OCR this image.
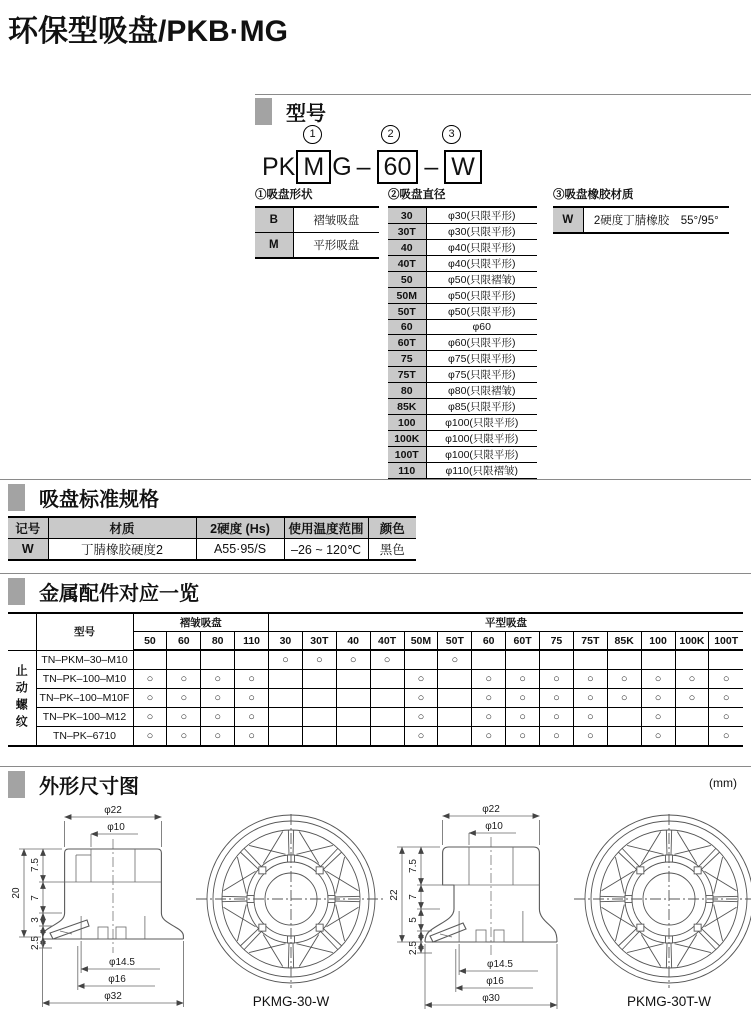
环保型吸盘/PKB·MG
型号
1	2	3
PK M G – 60 – W
①吸盘形状
B	褶皱吸盘
M	平形吸盘
②吸盘直径
30	φ30(只限平形)
30T	φ30(只限平形)
40	φ40(只限平形)
40T	φ40(只限平形)
50	φ50(只限褶皱)
50M	φ50(只限平形)
50T	φ50(只限平形)
60	φ60
60T	φ60(只限平形)
75	φ75(只限平形)
75T	φ75(只限平形)
80	φ80(只限褶皱)
85K	φ85(只限平形)
100	φ100(只限平形)
100K	φ100(只限平形)
100T	φ100(只限平形)
110	φ110(只限褶皱)
③吸盘橡胶材质
W	2硬度丁腈橡胶　55°/95°
吸盘标准规格
记号	材质	2硬度 (Hs)	使用温度范围	颜色
W	丁腈橡胶硬度2	A55·95/S	–26 ~ 120℃	黑色
金属配件对应一览
	型号	褶皱吸盘				平型吸盘													
		50	60	80	110	30	30T	40	40T	50M	50T	60	60T	75	75T	85K	100	100K	100T
止动螺纹	TN–PKM–30–M10					○	○	○	○		○								
	TN–PK–100–M10	○	○	○	○					○		○	○	○	○	○	○	○	○
	TN–PK–100–M10F	○	○	○	○					○		○	○	○	○	○	○	○	○
	TN–PK–100–M12	○	○	○	○					○		○	○	○	○		○		○
	TN–PK–6710	○	○	○	○					○		○	○	○	○		○		○
外形尺寸图	(mm)
φ22
φ10
20
7.5
7
3
2.5
φ14.5
φ16
φ32	PKMG-30-W
φ22
φ10
22
7.5
7
5
2.5
φ14.5
φ16
φ30	PKMG-30T-W
